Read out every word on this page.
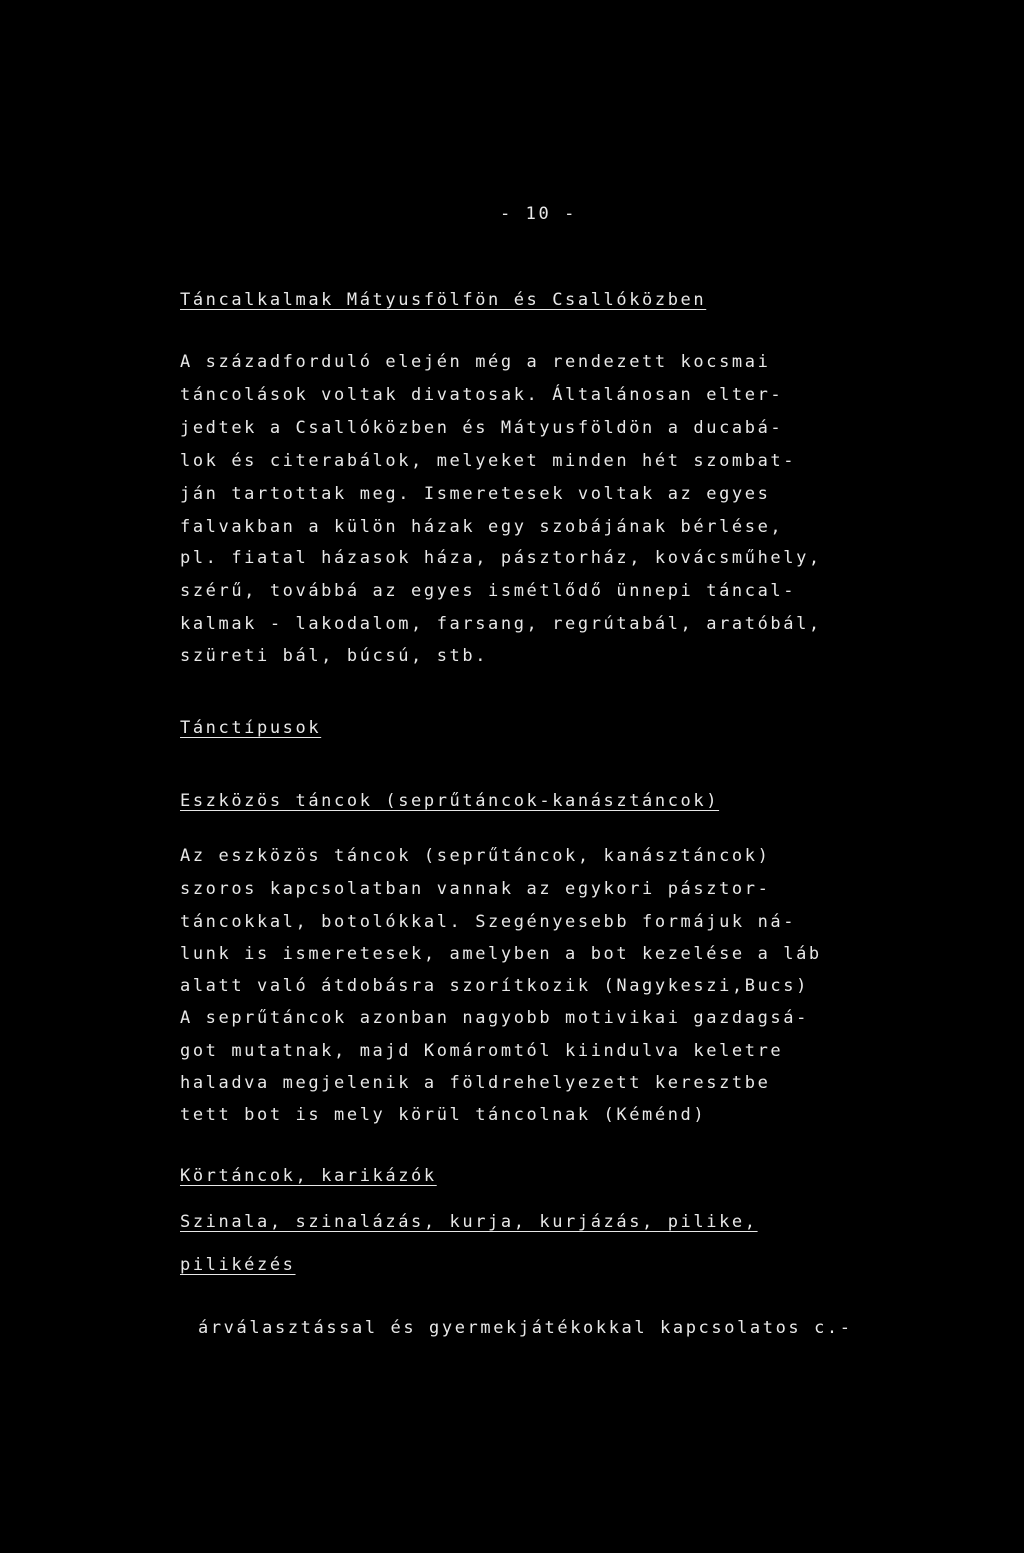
- 10 -
Táncalkalmak Mátyusfölfön és Csallóközben
A századforduló elején még a rendezett kocsmai
táncolások voltak divatosak. Általánosan elter-
jedtek a Csallóközben és Mátyusföldön a ducabá-
lok és citerabálok, melyeket minden hét szombat-
ján tartottak meg. Ismeretesek voltak az egyes
falvakban a külön házak egy szobájának bérlése,
pl. fiatal házasok háza, pásztorház, kovácsműhely,
szérű, továbbá az egyes ismétlődő ünnepi táncal-
kalmak - lakodalom, farsang, regrútabál, aratóbál,
szüreti bál, búcsú, stb.
Tánctípusok
Eszközös táncok (seprűtáncok-kanásztáncok)
Az eszközös táncok (seprűtáncok, kanásztáncok)
szoros kapcsolatban vannak az egykori pásztor-
táncokkal, botolókkal. Szegényesebb formájuk ná-
lunk is ismeretesek, amelyben a bot kezelése a láb
alatt való átdobásra szorítkozik (Nagykeszi,Bucs)
A seprűtáncok azonban nagyobb motivikai gazdagsá-
got mutatnak, majd Komáromtól kiindulva keletre
haladva megjelenik a földrehelyezett keresztbe
tett bot is mely körül táncolnak (Kéménd)
Körtáncok, karikázók
Szinala, szinalázás, kurja, kurjázás, pilike,
pilikézés
árválasztással és gyermekjátékokkal kapcsolatos c.-
